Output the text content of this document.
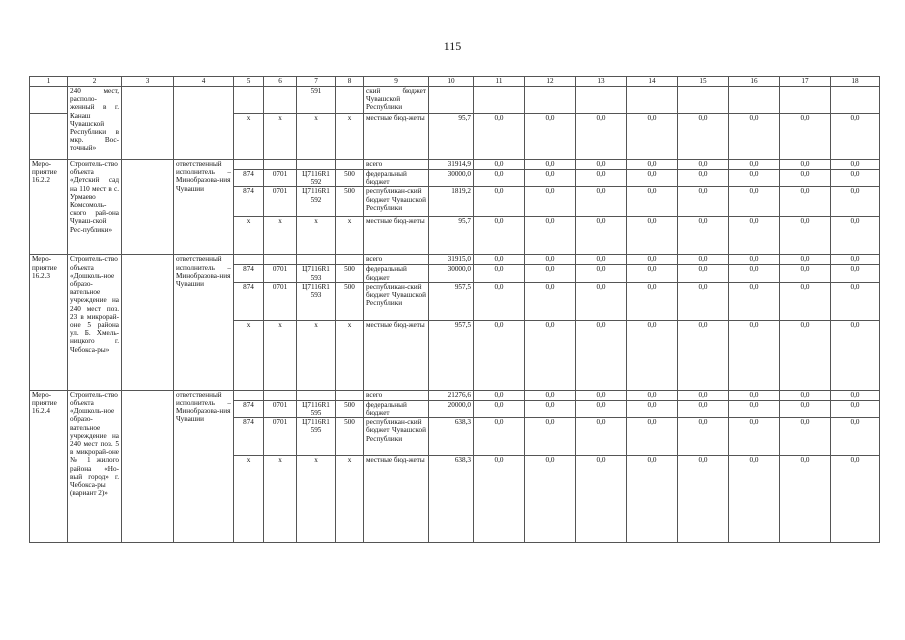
115
1	2	3	4	5	6	7	8	9	10	11	12	13	14	15	16	17	18
	240 мест, располо-женный в г. Канаш Чувашской Республики в мкр. Вос-точный»					591		ский бюджет Чувашской Республики									
				x	x	x	x	местные бюд-жеты	95,7	0,0	0,0	0,0	0,0	0,0	0,0	0,0	0,0
Меро-приятие 16.2.2	Строитель-ство объекта «Детский сад на 110 мест в с. Урмаево Комсомоль-ского рай-она Чуваш-ской Рес-публики»		ответственный исполнитель – Минобразова-ния Чувашии					всего	31914,9	0,0	0,0	0,0	0,0	0,0	0,0	0,0	0,0
				874	0701	Ц7116R1 592	500	федеральный бюджет	30000,0	0,0	0,0	0,0	0,0	0,0	0,0	0,0	0,0
				874	0701	Ц7116R1 592	500	республикан-ский бюджет Чувашской Республики	1819,2	0,0	0,0	0,0	0,0	0,0	0,0	0,0	0,0
				x	x	x	x	местные бюд-жеты	95,7	0,0	0,0	0,0	0,0	0,0	0,0	0,0	0,0
Меро-приятие 16.2.3	Строитель-ство объекта «Дошколь-ное образо-вательное учреждение на 240 мест поз. 23 в микрорай-оне 5 района ул. Б. Хмель-ницкого г. Чебокса-ры»		ответственный исполнитель – Минобразова-ния Чувашии					всего	31915,0	0,0	0,0	0,0	0,0	0,0	0,0	0,0	0,0
				874	0701	Ц7116R1 593	500	федеральный бюджет	30000,0	0,0	0,0	0,0	0,0	0,0	0,0	0,0	0,0
				874	0701	Ц7116R1 593	500	республикан-ский бюджет Чувашской Республики	957,5	0,0	0,0	0,0	0,0	0,0	0,0	0,0	0,0
				x	x	x	x	местные бюд-жеты	957,5	0,0	0,0	0,0	0,0	0,0	0,0	0,0	0,0
Меро-приятие 16.2.4	Строитель-ство объекта «Дошколь-ное образо-вательное учреждение на 240 мест поз. 5 в микрорай-оне № 1 жилого района «Но-вый город» г. Чебокса-ры (вариант 2)»		ответственный исполнитель – Минобразова-ния Чувашии					всего	21276,6	0,0	0,0	0,0	0,0	0,0	0,0	0,0	0,0
				874	0701	Ц7116R1 595	500	федеральный бюджет	20000,0	0,0	0,0	0,0	0,0	0,0	0,0	0,0	0,0
				874	0701	Ц7116R1 595	500	республикан-ский бюджет Чувашской Республики	638,3	0,0	0,0	0,0	0,0	0,0	0,0	0,0	0,0
				x	x	x	x	местные бюд-жеты	638,3	0,0	0,0	0,0	0,0	0,0	0,0	0,0	0,0
